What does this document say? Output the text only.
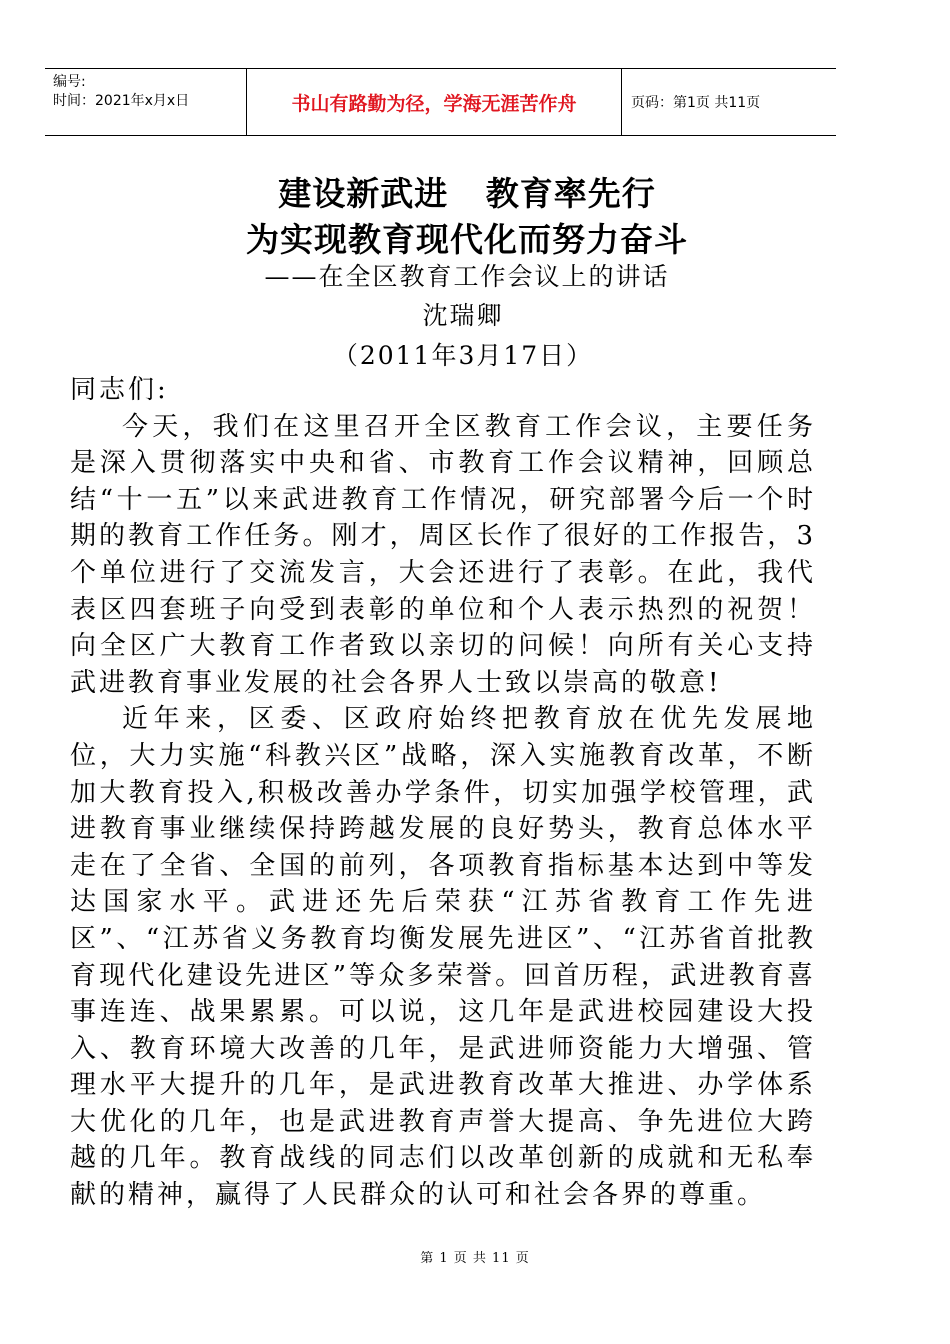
编号:
时间：2021年x月x日	书山有路勤为径，学海无涯苦作舟	页码：第1页 共11页
建设新武进   教育率先行
为实现教育现代化而努力奋斗
——在全区教育工作会议上的讲话
沈瑞卿
（2011年3月17日）

同志们:

今天，我们在这里召开全区教育工作会议，主要任务是深入贯彻落实中央和省、市教育工作会议精神，回顾总结“十一五”以来武进教育工作情况，研究部署今后一个时期的教育工作任务。刚才，周区长作了很好的工作报告，3个单位进行了交流发言，大会还进行了表彰。在此，我代表区四套班子向受到表彰的单位和个人表示热烈的祝贺！向全区广大教育工作者致以亲切的问候！向所有关心支持武进教育事业发展的社会各界人士致以崇高的敬意!

近年来，区委、区政府始终把教育放在优先发展地位，大力实施“科教兴区”战略，深入实施教育改革，不断加大教育投入,积极改善办学条件，切实加强学校管理，武进教育事业继续保持跨越发展的良好势头，教育总体水平走在了全省、全国的前列，各项教育指标基本达到中等发达国家水平。武进还先后荣获“江苏省教育工作先进区”、“江苏省义务教育均衡发展先进区”、“江苏省首批教育现代化建设先进区”等众多荣誉。回首历程，武进教育喜事连连、战果累累。可以说，这几年是武进校园建设大投入、教育环境大改善的几年，是武进师资能力大增强、管理水平大提升的几年，是武进教育改革大推进、办学体系大优化的几年，也是武进教育声誉大提高、争先进位大跨越的几年。教育战线的同志们以改革创新的成就和无私奉献的精神，赢得了人民群众的认可和社会各界的尊重。

第 1 页 共 11 页
